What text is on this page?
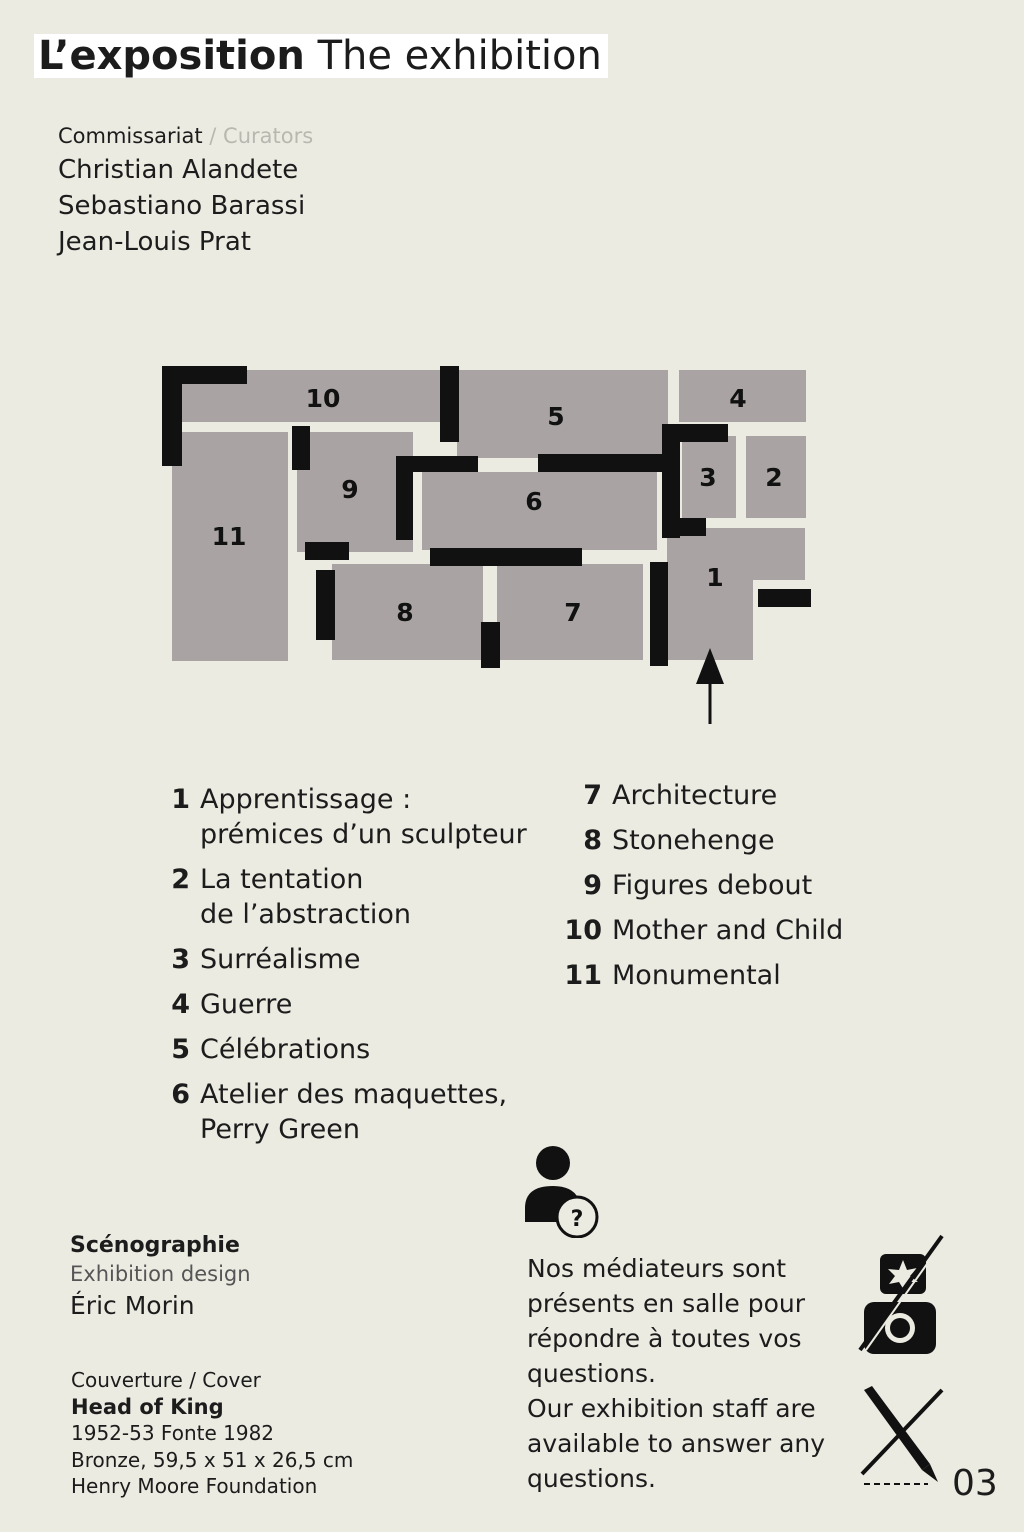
L’exposition The exhibition
Commissariat / Curators
Christian Alandete
Sebastiano Barassi
Jean-Louis Prat
1
2
3
4
5
6
7
8
9
10
11
1 Apprentissage :
prémices d’un sculpteur
2 La tentation
de l’abstraction
3 Surréalisme
4 Guerre
5 Célébrations
6 Atelier des maquettes,
Perry Green
7 Architecture
8 Stonehenge
9 Figures debout
10 Mother and Child
11 Monumental
Scénographie
Exhibition design
Éric Morin
Couverture / Cover
Head of King
1952-53 Fonte 1982
Bronze, 59,5 x 51 x 26,5 cm
Henry Moore Foundation
?
Nos médiateurs sont
présents en salle pour
répondre à toutes vos
questions.
Our exhibition staff are
available to answer any
questions.	03
